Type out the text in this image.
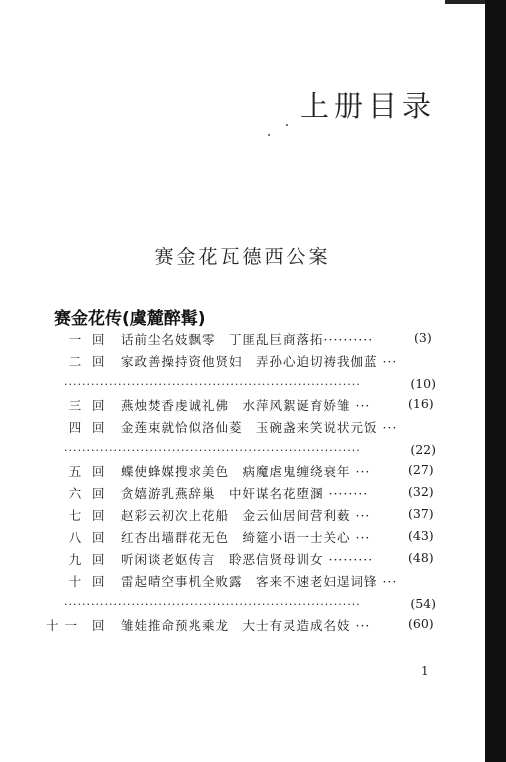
上册目录
赛金花瓦德西公案
赛金花传(虞麓醉髯)
一 回 话前尘名妓飘零　丁匪乱巨商落拓··········	(3)
二 回 家政善操持资他贤妇　弄孙心迫切祷我伽蓝 ···
··································································	(10)
三 回 燕烛焚香虔诚礼佛　水萍风絮诞育娇雏 ···	(16)
四 回 金莲束就恰似洛仙菱　玉碗盏来笑说状元饭 ···
··································································	(22)
五 回 蝶使蜂媒搜求美色　病魔虐鬼缠绕衰年 ···	(27)
六 回 贪嬉游乳燕辞巢　中奸谋名花堕溷 ········	(32)
七 回 赵彩云初次上花船　金云仙居间营利薮 ···	(37)
八 回 红杏出墙群花无色　绮筵小语一士关心 ···	(43)
九 回 听闲谈老妪传言　聆恶信贤母训女 ·········	(48)
十 回 雷起晴空事机全败露　客来不速老妇逞词锋 ···
··································································	(54)
十一 回 雏娃推命预兆乘龙　大士有灵造成名妓 ···	(60)
1
